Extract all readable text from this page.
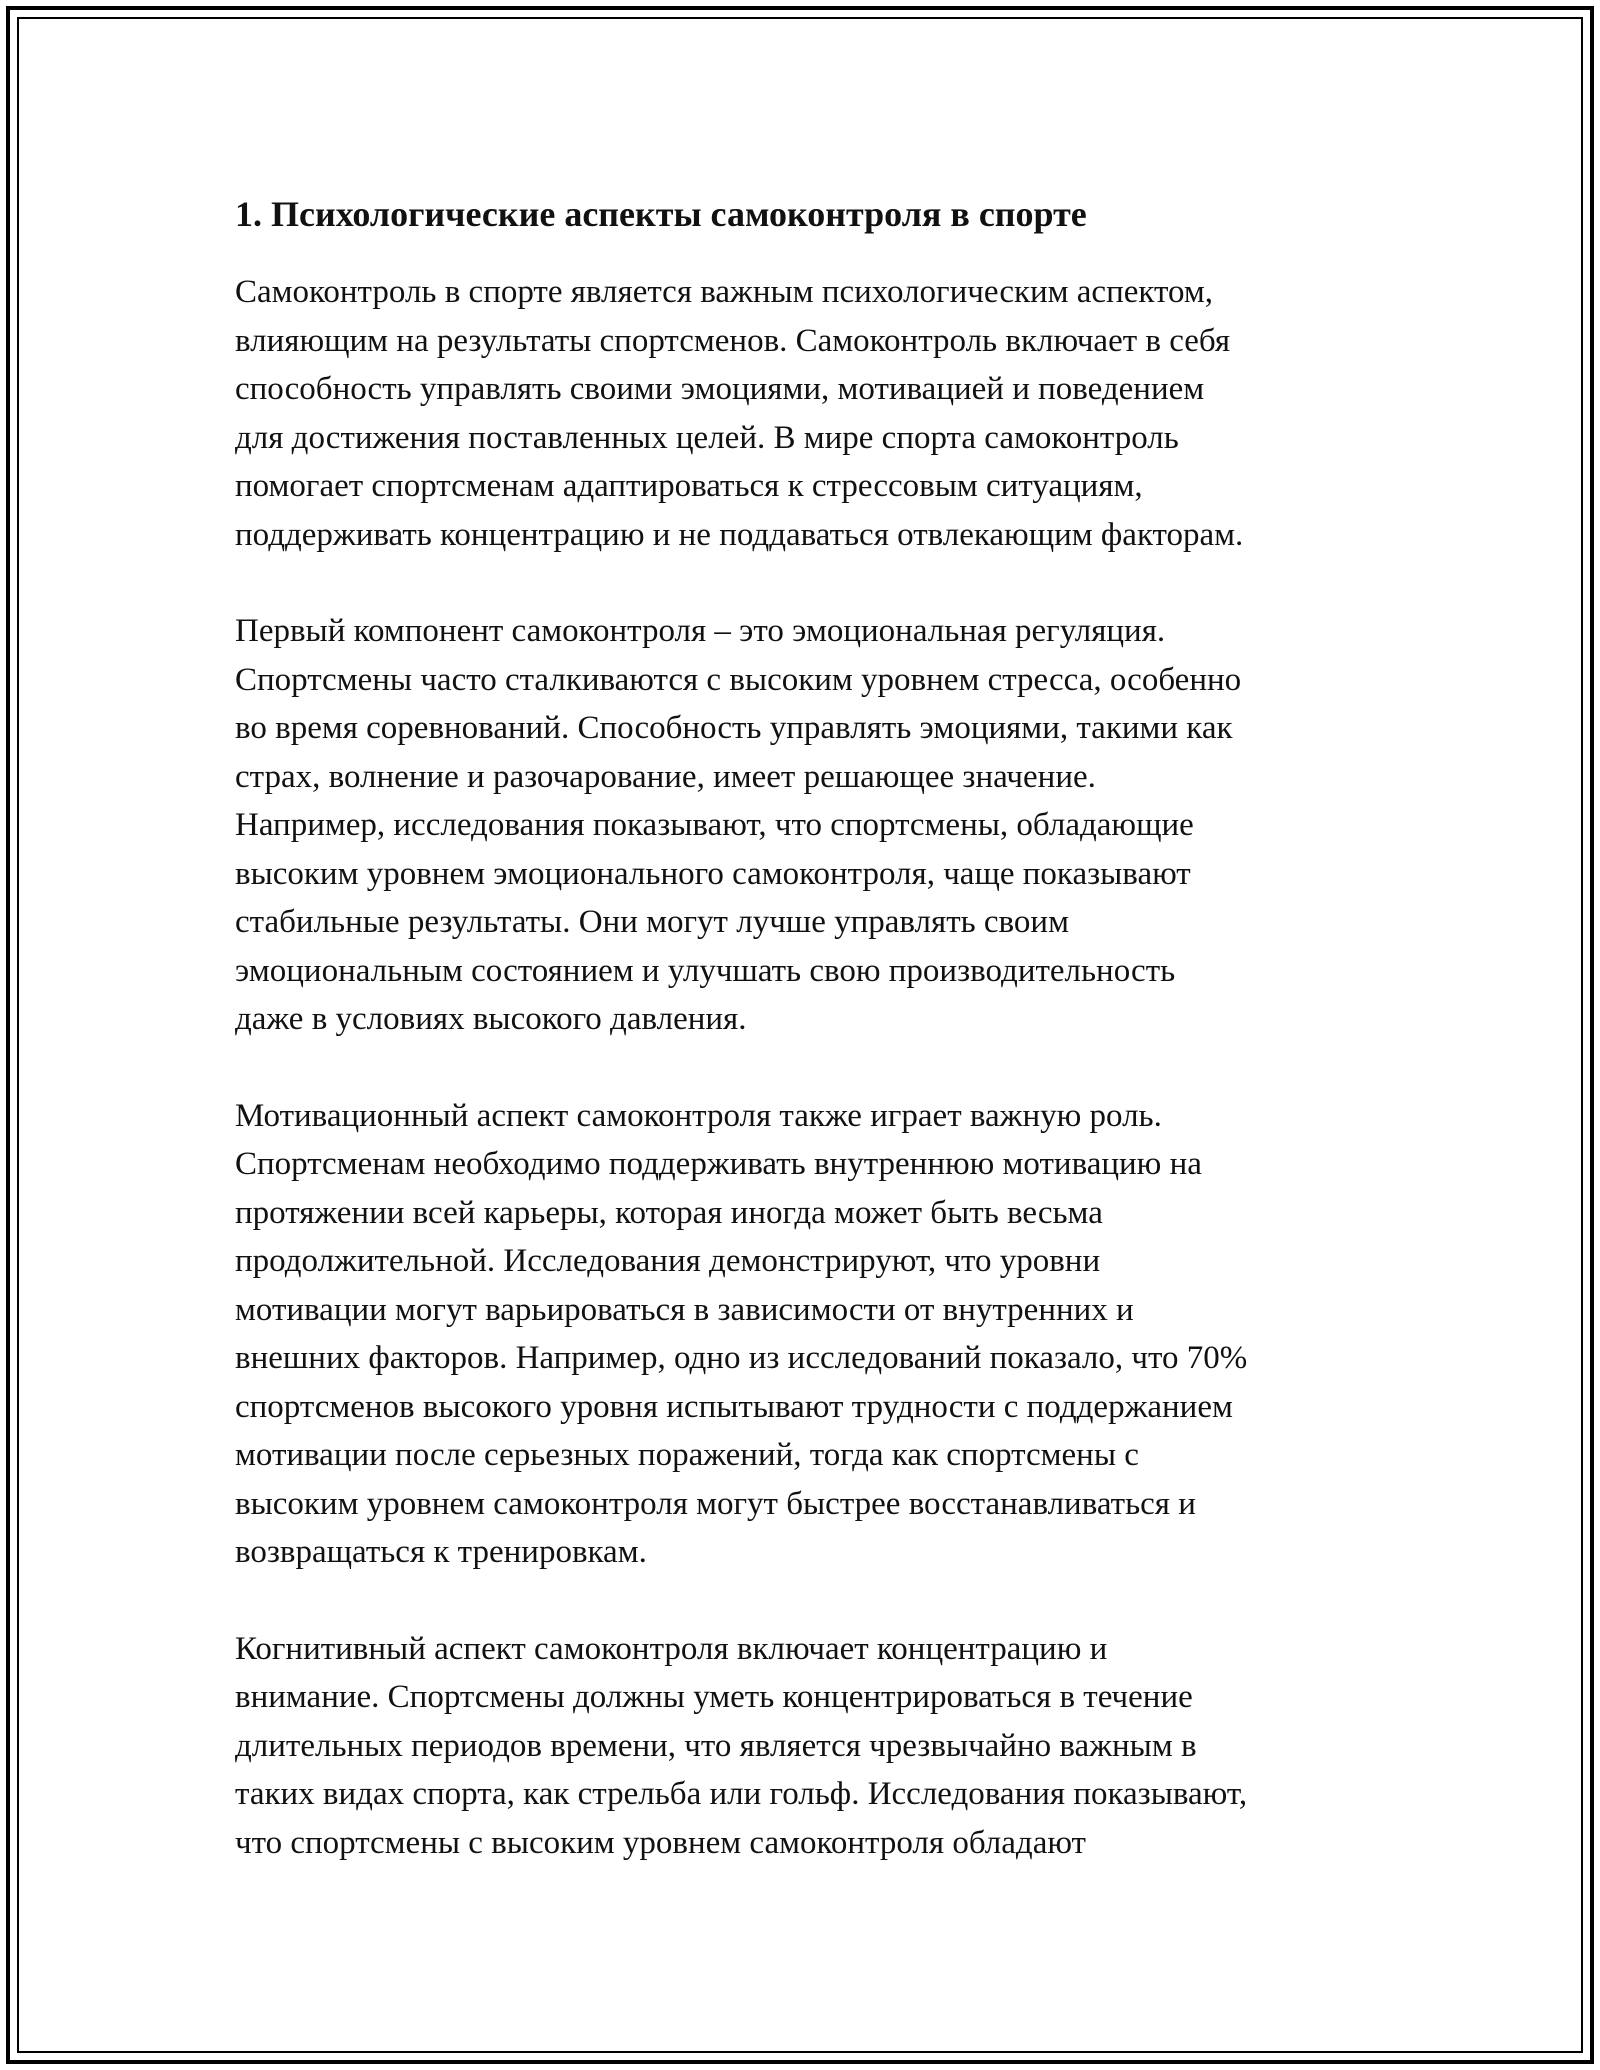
1. Психологические аспекты самоконтроля в спорте

Самоконтроль в спорте является важным психологическим аспектом,
влияющим на результаты спортсменов. Самоконтроль включает в себя
способность управлять своими эмоциями, мотивацией и поведением
для достижения поставленных целей. В мире спорта самоконтроль
помогает спортсменам адаптироваться к стрессовым ситуациям,
поддерживать концентрацию и не поддаваться отвлекающим факторам.

Первый компонент самоконтроля – это эмоциональная регуляция.
Спортсмены часто сталкиваются с высоким уровнем стресса, особенно
во время соревнований. Способность управлять эмоциями, такими как
страх, волнение и разочарование, имеет решающее значение.
Например, исследования показывают, что спортсмены, обладающие
высоким уровнем эмоционального самоконтроля, чаще показывают
стабильные результаты. Они могут лучше управлять своим
эмоциональным состоянием и улучшать свою производительность
даже в условиях высокого давления.

Мотивационный аспект самоконтроля также играет важную роль.
Спортсменам необходимо поддерживать внутреннюю мотивацию на
протяжении всей карьеры, которая иногда может быть весьма
продолжительной. Исследования демонстрируют, что уровни
мотивации могут варьироваться в зависимости от внутренних и
внешних факторов. Например, одно из исследований показало, что 70%
спортсменов высокого уровня испытывают трудности с поддержанием
мотивации после серьезных поражений, тогда как спортсмены с
высоким уровнем самоконтроля могут быстрее восстанавливаться и
возвращаться к тренировкам.

Когнитивный аспект самоконтроля включает концентрацию и
внимание. Спортсмены должны уметь концентрироваться в течение
длительных периодов времени, что является чрезвычайно важным в
таких видах спорта, как стрельба или гольф. Исследования показывают,
что спортсмены с высоким уровнем самоконтроля обладают
